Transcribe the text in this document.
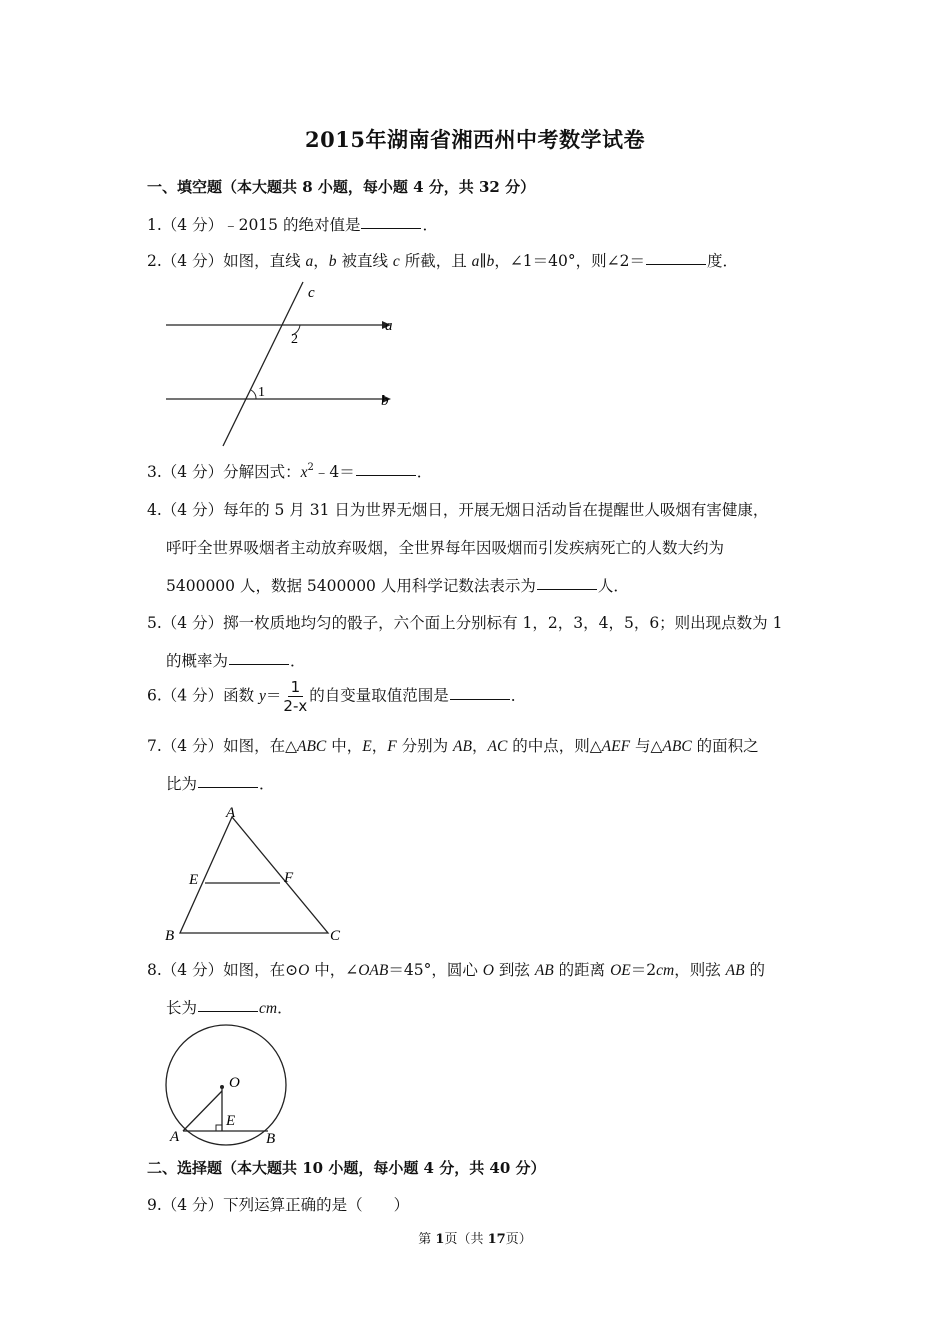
2015年湖南省湘西州中考数学试卷
一、填空题（本大题共 8 小题，每小题 4 分，共 32 分）
1.（4 分）﹣2015 的绝对值是	．
2.（4 分）如图，直线 a，b 被直线 c 所截，且 a∥b，∠1＝40°，则∠2＝	度．
c
a
b
2
1
3.（4 分）分解因式：$x^2﹣4=$	．
4.（4 分）每年的 5 月 31 日为世界无烟日，开展无烟日活动旨在提醒世人吸烟有害健康，
呼吁全世界吸烟者主动放弃吸烟，全世界每年因吸烟而引发疾病死亡的人数大约为
5400000 人，数据 5400000 人用科学记数法表示为	人．
5.（4 分）掷一枚质地均匀的骰子，六个面上分别标有 1，2，3，4，5，6；则出现点数为 1
的概率为	．
6.（4 分）函数 $y= \frac{1}{2-x}$ 的自变量取值范围是	．
7.（4 分）如图，在△ABC 中，E，F 分别为 AB，AC 的中点，则△AEF 与△ABC 的面积之
比为	．
A
E	F
B	C
8.（4 分）如图，在⊙O 中，∠OAB＝45°，圆心 O 到弦 AB 的距离 OE＝2cm，则弦 AB 的
长为	cm．
O
E
A	B
二、选择题（本大题共 10 小题，每小题 4 分，共 40 分）
9.（4 分）下列运算正确的是（　　）
第 1页（共 17页）
